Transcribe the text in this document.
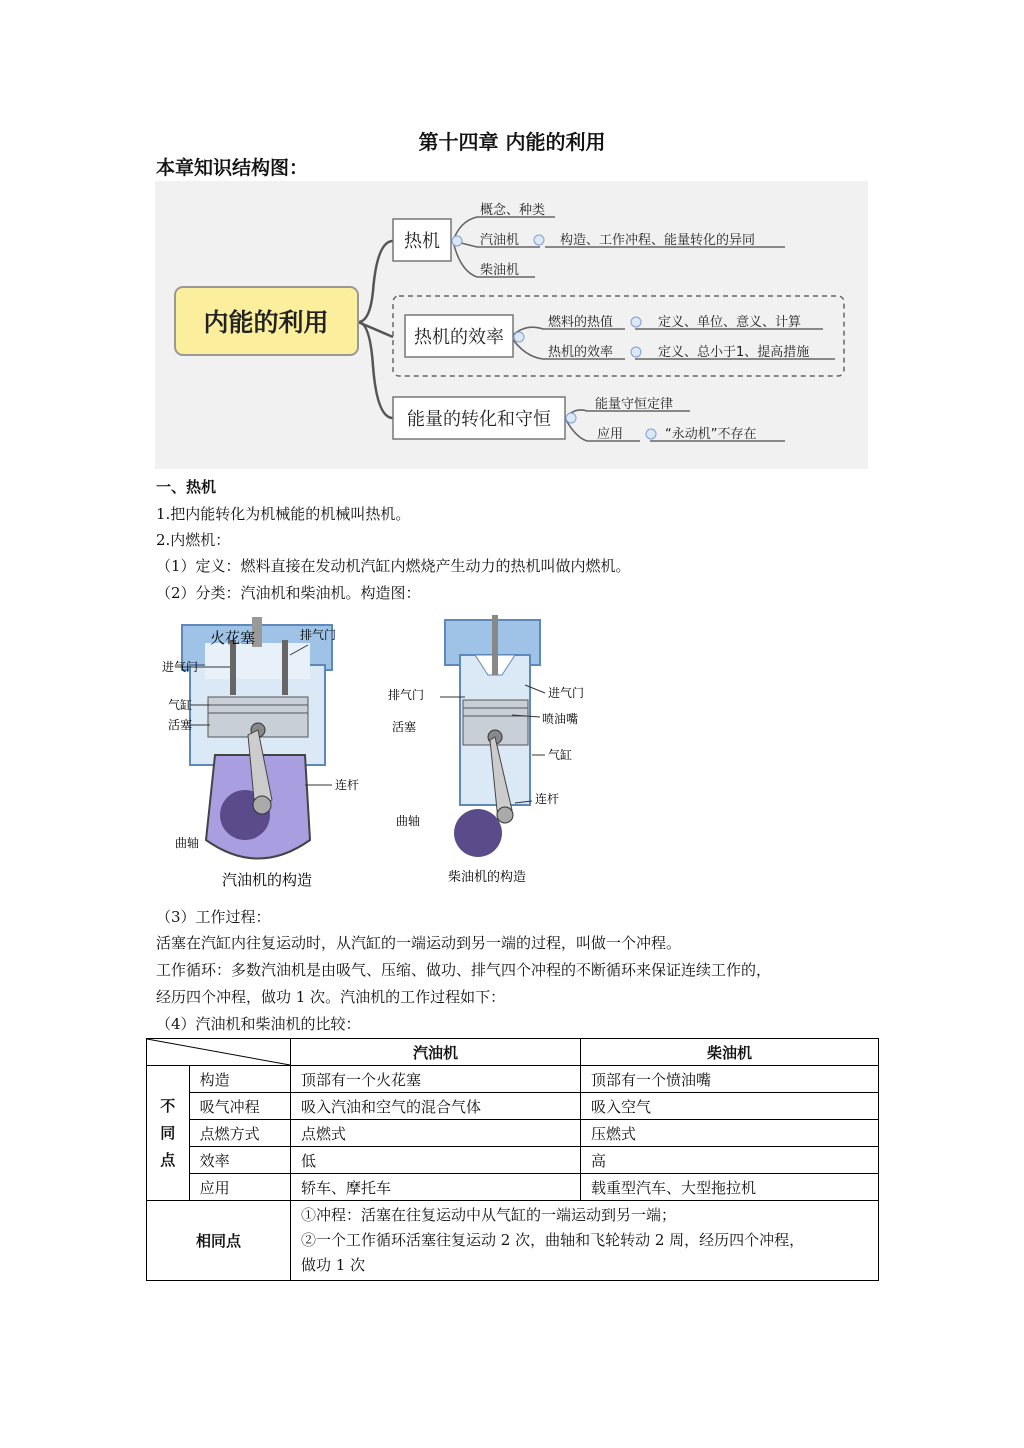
第十四章 内能的利用
本章知识结构图：
内能的利用
热机
概念、种类
汽油机	构造、工作冲程、能量转化的异同
柴油机
热机的效率
燃料的热值	定义、单位、意义、计算
热机的效率	定义、总小于1、提高措施
能量的转化和守恒
能量守恒定律
应用	“永动机”不存在
一、热机
1.把内能转化为机械能的机械叫热机。
2.内燃机：
（1）定义：燃料直接在发动机汽缸内燃烧产生动力的热机叫做内燃机。
（2）分类：汽油机和柴油机。构造图：
火花塞	排气门
进气门
气缸
活塞
连杆
曲轴
汽油机的构造
排气门	进气门
活塞
喷油嘴
气缸
连杆
曲轴
柴油机的构造
（3）工作过程：
活塞在汽缸内往复运动时，从汽缸的一端运动到另一端的过程，叫做一个冲程。
工作循环：多数汽油机是由吸气、压缩、做功、排气四个冲程的不断循环来保证连续工作的，
经历四个冲程，做功 1 次。汽油机的工作过程如下：
（4）汽油机和柴油机的比较：
	汽油机	柴油机
不
同
点	构造	顶部有一个火花塞	顶部有一个愤油嘴
	吸气冲程	吸入汽油和空气的混合气体	吸入空气
	点燃方式	点燃式	压燃式
	效率	低	高
	应用	轿车、摩托车	载重型汽车、大型拖拉机
相同点		①冲程：活塞在往复运动中从气缸的一端运动到另一端；
②一个工作循环活塞往复运动 2 次，曲轴和飞轮转动 2 周，经历四个冲程，
做功 1 次	
